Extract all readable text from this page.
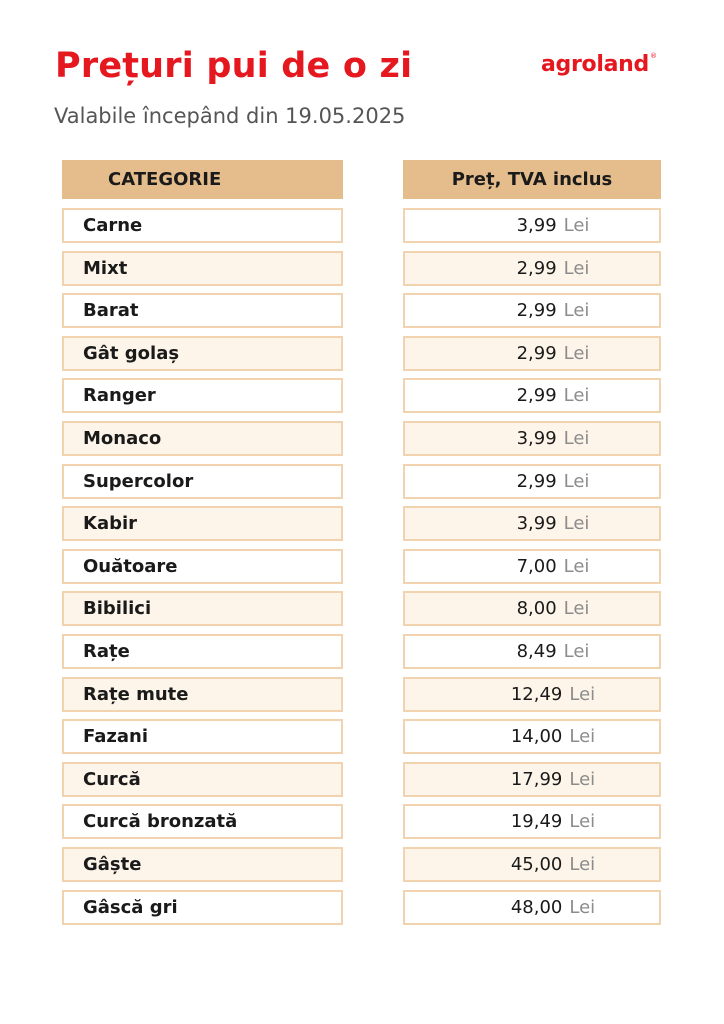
Prețuri pui de o zi
Valabile începând din 19.05.2025
agroland®
CATEGORIE
Carne
Mixt
Barat
Gât golaș
Ranger
Monaco
Supercolor
Kabir
Ouătoare
Bibilici
Rațe
Rațe mute
Fazani
Curcă
Curcă bronzată
Gâște
Gâscă gri
Preț, TVA inclus
3,99 Lei
2,99 Lei
2,99 Lei
2,99 Lei
2,99 Lei
3,99 Lei
2,99 Lei
3,99 Lei
7,00 Lei
8,00 Lei
8,49 Lei
12,49 Lei
14,00 Lei
17,99 Lei
19,49 Lei
45,00 Lei
48,00 Lei
